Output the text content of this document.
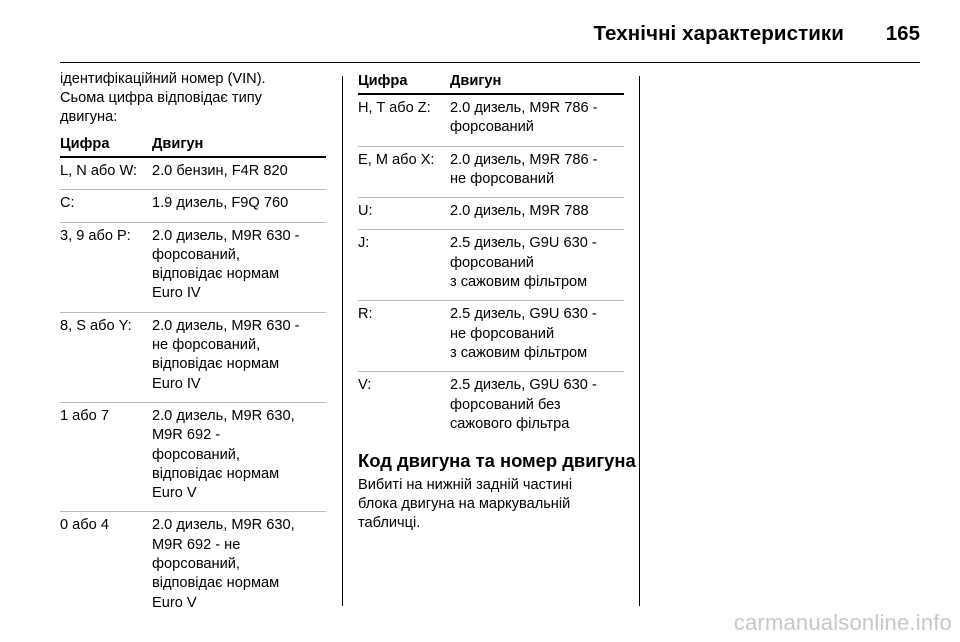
Технічні характеристики 165
ідентифікаційний номер (VIN).
Сьома цифра відповідає типу
двигуна:
Цифра	Двигун
L, N або W:	2.0 бензин, F4R 820
C:	1.9 дизель, F9Q 760
3, 9 або P:	2.0 дизель, M9R 630 -
форсований,
відповідає нормам
Euro IV
8, S або Y:	2.0 дизель, M9R 630 -
не форсований,
відповідає нормам
Euro IV
1 або 7	2.0 дизель, M9R 630,
M9R 692 -
форсований,
відповідає нормам
Euro V
0 або 4	2.0 дизель, M9R 630,
M9R 692 - не
форсований,
відповідає нормам
Euro V
Цифра	Двигун
H, T або Z:	2.0 дизель, M9R 786 -
форсований
E, M або X:	2.0 дизель, M9R 786 -
не форсований
U:	2.0 дизель, M9R 788
J:	2.5 дизель, G9U 630 -
форсований
з сажовим фільтром
R:	2.5 дизель, G9U 630 -
не форсований
з сажовим фільтром
V:	2.5 дизель, G9U 630 -
форсований без
сажового фільтра
Код двигуна та номер двигуна
Вибиті на нижній задній частині
блока двигуна на маркувальній
табличці.
carmanualsonline.info
